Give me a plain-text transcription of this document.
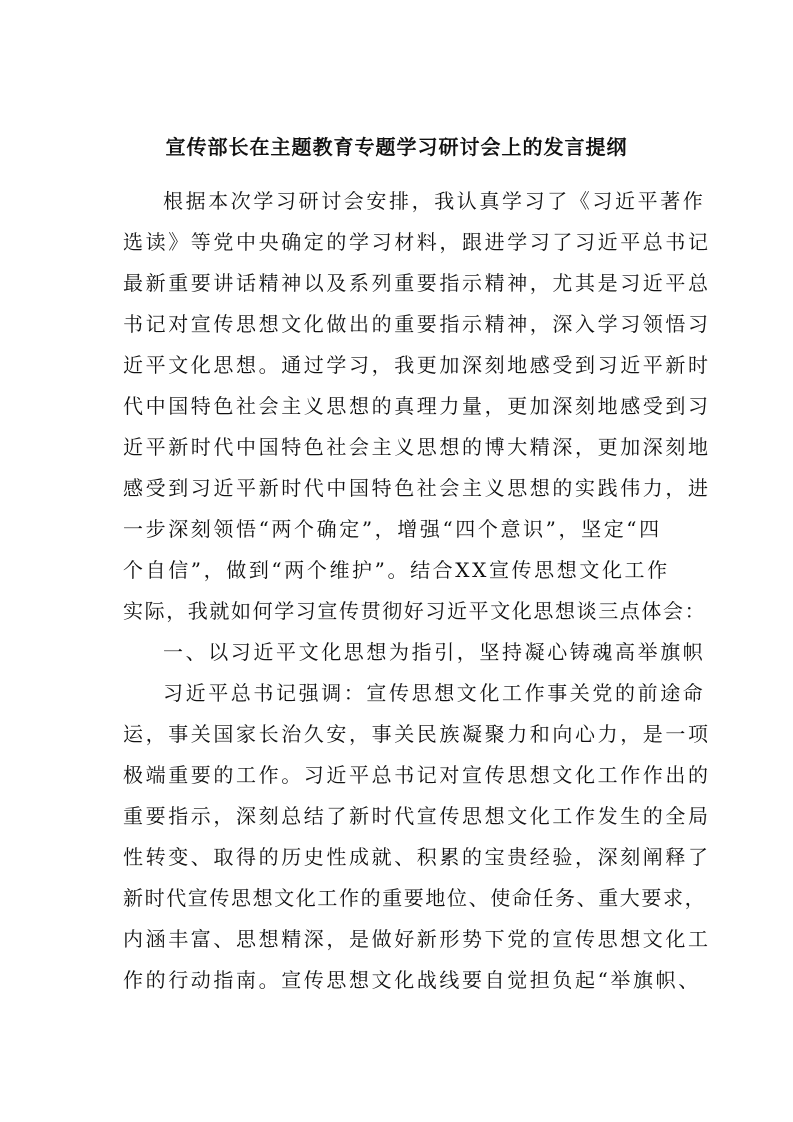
宣传部长在主题教育专题学习研讨会上的发言提纲
根据本次学习研讨会安排，我认真学习了《习近平著作
选读》等党中央确定的学习材料，跟进学习了习近平总书记
最新重要讲话精神以及系列重要指示精神，尤其是习近平总
书记对宣传思想文化做出的重要指示精神，深入学习领悟习
近平文化思想。通过学习，我更加深刻地感受到习近平新时
代中国特色社会主义思想的真理力量，更加深刻地感受到习
近平新时代中国特色社会主义思想的博大精深，更加深刻地
感受到习近平新时代中国特色社会主义思想的实践伟力，进
一步深刻领悟“两个确定”，增强“四个意识”，坚定“四
个自信”，做到“两个维护”。结合XX宣传思想文化工作
实际，我就如何学习宣传贯彻好习近平文化思想谈三点体会：
一、以习近平文化思想为指引，坚持凝心铸魂高举旗帜
习近平总书记强调：宣传思想文化工作事关党的前途命
运，事关国家长治久安，事关民族凝聚力和向心力，是一项
极端重要的工作。习近平总书记对宣传思想文化工作作出的
重要指示，深刻总结了新时代宣传思想文化工作发生的全局
性转变、取得的历史性成就、积累的宝贵经验，深刻阐释了
新时代宣传思想文化工作的重要地位、使命任务、重大要求，
内涵丰富、思想精深，是做好新形势下党的宣传思想文化工
作的行动指南。宣传思想文化战线要自觉担负起“举旗帜、
